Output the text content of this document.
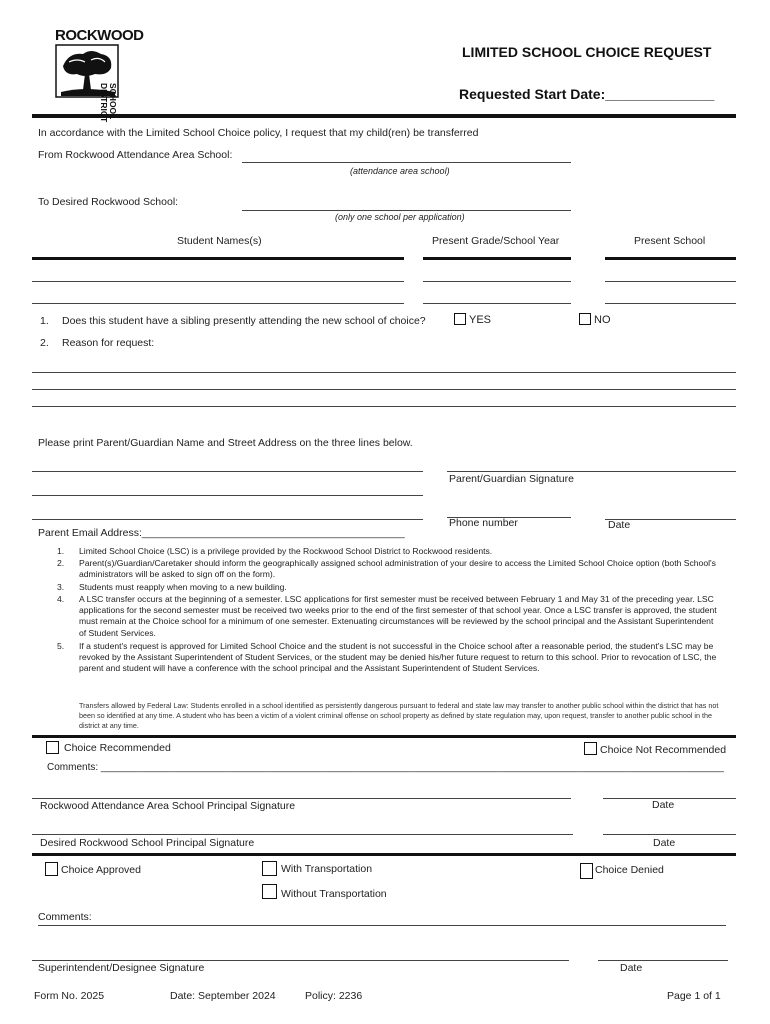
ROCKWOOD
SCHOOL DISTRICT
LIMITED SCHOOL CHOICE REQUEST
Requested Start Date:______________
In accordance with the Limited School Choice policy, I request that my child(ren) be transferred
From Rockwood Attendance Area School:
(attendance area school)
To Desired Rockwood School:
(only one school per application)
Student Names(s)	Present Grade/School Year	Present School
1. Does this student have a sibling presently attending the new school of choice?	YES	NO
2. Reason for request:
Please print Parent/Guardian Name and Street Address on the three lines below.
Parent/Guardian Signature
Phone number	Date
Parent Email Address:_____________________________________________
1. Limited School Choice (LSC) is a privilege provided by the Rockwood School District to Rockwood residents.
2. Parent(s)/Guardian/Caretaker should inform the geographically assigned school administration of your desire to access the Limited School Choice option (both School's administrators will be asked to sign off on the form).
3. Students must reapply when moving to a new building.
4. A LSC transfer occurs at the beginning of a semester. LSC applications for first semester must be received between February 1 and May 31 of the preceding year. LSC applications for the second semester must be received two weeks prior to the end of the first semester of that school year. Once a LSC transfer is approved, the student must remain at the Choice school for a minimum of one semester. Extenuating circumstances will be reviewed by the school principal and the Assistant Superintendent of Student Services.
5. If a student's request is approved for Limited School Choice and the student is not successful in the Choice school after a reasonable period, the student's LSC may be revoked by the Assistant Superintendent of Student Services, or the student may be denied his/her future request to return to this school. Prior to revocation of LSC, the parent and student will have a conference with the school principal and the Assistant Superintendent of Student Services.
Transfers allowed by Federal Law: Students enrolled in a school identified as persistently dangerous pursuant to federal and state law may transfer to another public school within the district that has not been so identified at any time. A student who has been a victim of a violent criminal offense on school property as defined by state regulation may, upon request, transfer to another public school in the district at any time.
Choice Recommended	Choice Not Recommended
Comments: ________________________________________________________________________________________________________________
Rockwood Attendance Area School Principal Signature	Date
Desired Rockwood School Principal Signature	Date
Choice Approved	With Transportation
Without Transportation
Choice Denied
Comments:
Superintendent/Designee Signature	Date
Form No. 2025	Date: September 2024	Policy: 2236	Page 1 of 1
